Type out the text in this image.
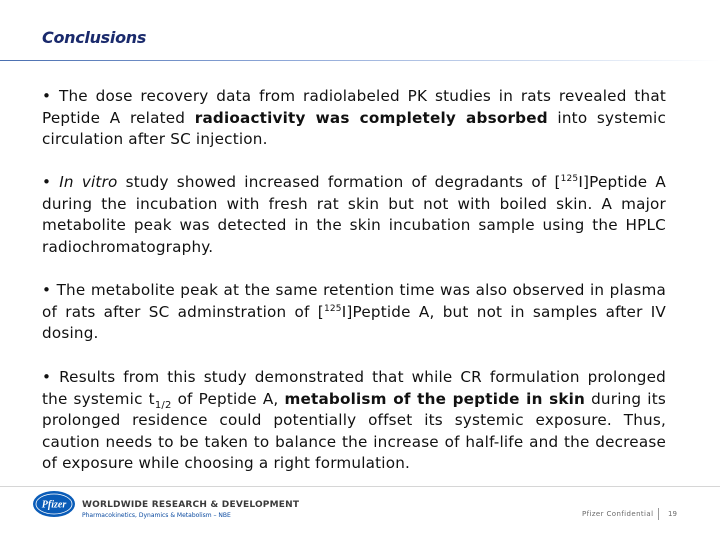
Conclusions
• The dose recovery data from radiolabeled PK studies in rats revealed that Peptide A related radioactivity was completely absorbed into systemic circulation after SC injection.
• In vitro study showed increased formation of degradants of [$^{125}$I]Peptide A during the incubation with fresh rat skin but not with boiled skin. A major metabolite peak was detected in the skin incubation sample using the HPLC radiochromatography.
• The metabolite peak at the same retention time was also observed in plasma of rats after SC adminstration of [$^{125}$I]Peptide A, but not in samples after IV dosing.
• Results from this study demonstrated that while CR formulation prolonged the systemic $t_{1/2}$ of Peptide A, metabolism of the peptide in skin during its prolonged residence could potentially offset its systemic exposure. Thus, caution needs to be taken to balance the increase of half-life and the decrease of exposure while choosing a right formulation.
Pfizer WORLDWIDE RESEARCH & DEVELOPMENT
Pharmacokinetics, Dynamics & Metabolism – NBE	Pfizer Confidential 19
